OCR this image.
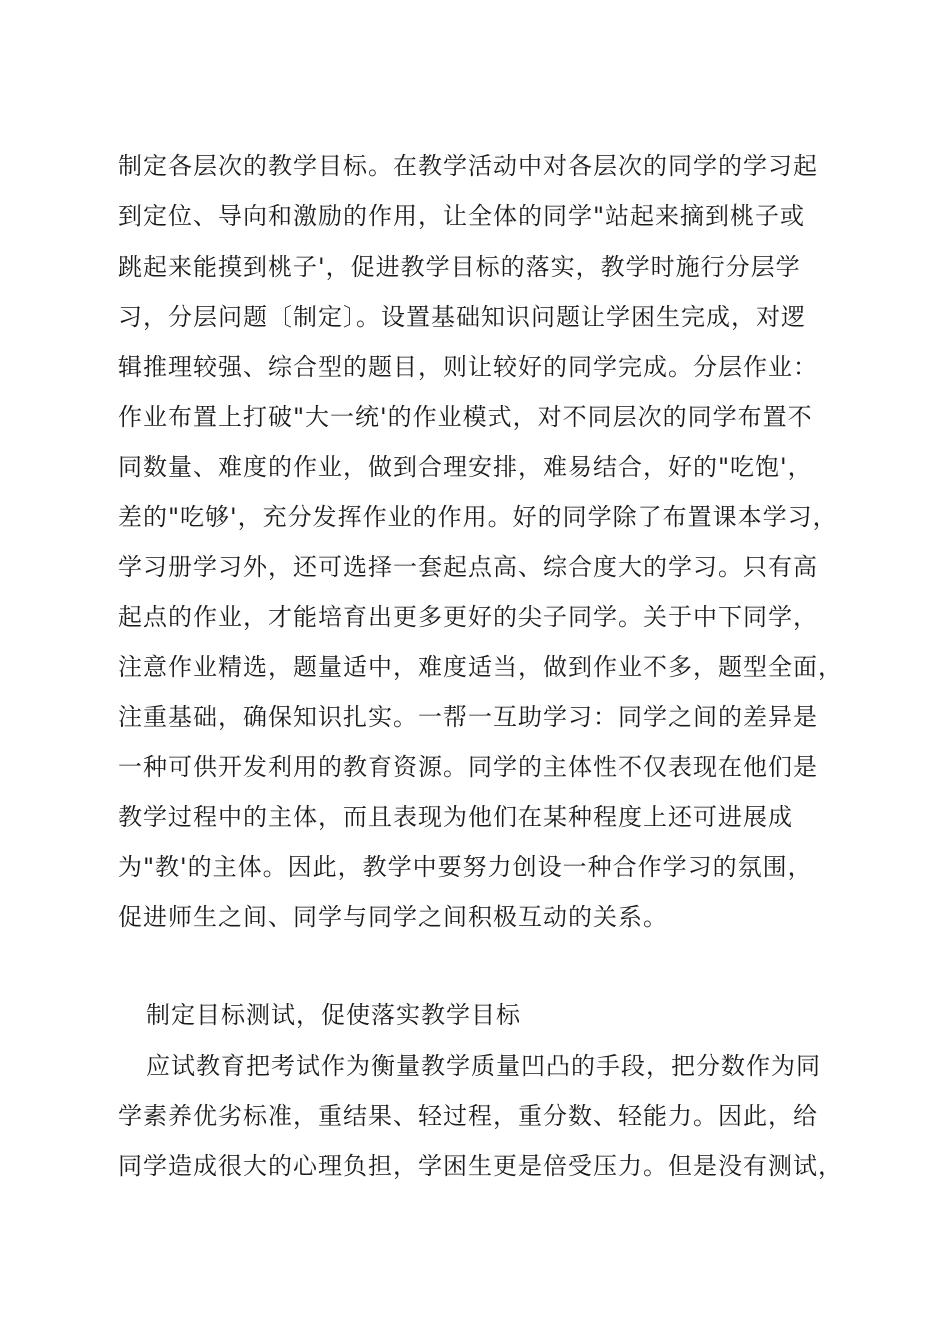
制定各层次的教学目标。在教学活动中对各层次的同学的学习起
到定位、导向和激励的作用，让全体的同学"站起来摘到桃子或
跳起来能摸到桃子'，促进教学目标的落实，教学时施行分层学
习，分层问题〔制定〕。设置基础知识问题让学困生完成，对逻
辑推理较强、综合型的题目，则让较好的同学完成。分层作业：
作业布置上打破"大一统'的作业模式，对不同层次的同学布置不
同数量、难度的作业，做到合理安排，难易结合，好的"吃饱'，
差的"吃够'，充分发挥作业的作用。好的同学除了布置课本学习，
学习册学习外，还可选择一套起点高、综合度大的学习。只有高
起点的作业，才能培育出更多更好的尖子同学。关于中下同学，
注意作业精选，题量适中，难度适当，做到作业不多，题型全面，
注重基础，确保知识扎实。一帮一互助学习：同学之间的差异是
一种可供开发利用的教育资源。同学的主体性不仅表现在他们是
教学过程中的主体，而且表现为他们在某种程度上还可进展成
为"教'的主体。因此，教学中要努力创设一种合作学习的氛围，
促进师生之间、同学与同学之间积极互动的关系。
制定目标测试，促使落实教学目标
应试教育把考试作为衡量教学质量凹凸的手段，把分数作为同
学素养优劣标准，重结果、轻过程，重分数、轻能力。因此，给
同学造成很大的心理负担，学困生更是倍受压力。但是没有测试，
